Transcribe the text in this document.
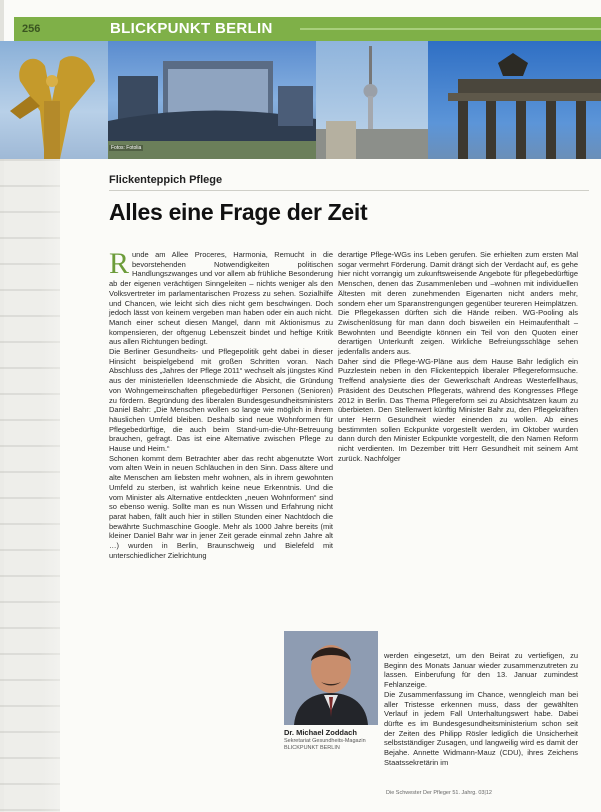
256	BLICKPUNKT BERLIN
Fotos: Fotolia
Flickenteppich Pflege
Alles eine Frage der Zeit

Runde am Allee Proceres, Harmonia, Remucht in die bevorstehenden Notwendigkeiten politischen Handlungszwanges und vor allem ab frühliche Besonderung ab der eigenen verächtigen Sinngeleiten – nichts weniger als den Volksvertreter im parlamentarischen Prozess zu sehen. Sozialhilfe und Chancen, wie leicht sich dies nicht gern beschwingen. Doch jedoch lässt von keinem vergeben man haben oder ein auch nicht. Manch einer scheut diesen Mangel, dann mit Aktionismus zu kompensieren, der oftgenug Lebenszeit bindet und heftige Kritik aus allen Richtungen bedingt.

Die Berliner Gesundheits- und Pflegepolitik geht dabei in dieser Hinsicht beispielgebend mit großen Schritten voran. Nach Abschluss des „Jahres der Pflege 2011“ wechselt als jüngstes Kind aus der ministeriellen Ideenschmiede die Absicht, die Gründung von Wohngemeinschaften pflegebedürftiger Personen (Senioren) zu fördern. Begründung des liberalen Bundesgesundheitsministers Daniel Bahr: „Die Menschen wollen so lange wie möglich in ihrem häuslichen Umfeld bleiben. Deshalb sind neue Wohnformen für Pflegebedürftige, die auch beim Stand-um-die-Uhr-Betreuung brauchen, gefragt. Das ist eine Alternative zwischen Pflege zu Hause und Heim.“

Schonen kommt dem Betrachter aber das recht abgenutzte Wort vom alten Wein in neuen Schläuchen in den Sinn. Dass ältere und alte Menschen am liebsten mehr wohnen, als in ihrem gewohnten Umfeld zu sterben, ist wahrlich keine neue Erkenntnis. Und die vom Minister als Alternative entdeckten „neuen Wohnformen“ sind so ebenso wenig. Sollte man es nun Wissen und Erfahrung nicht parat haben, fällt auch hier in stillen Stunden einer Nachtdoch die bewährte Suchmaschine Google. Mehr als 1000 Jahre bereits (mit kleiner Daniel Bahr war in jener Zeit gerade einmal zehn Jahre alt …) wurden in Berlin, Braunschweig und Bielefeld mit unterschiedlicher Zielrichtung

derartige Pflege-WGs ins Leben gerufen. Sie erhielten zum ersten Mal sogar vermehrt Förderung. Damit drängt sich der Verdacht auf, es gehe hier nicht vorrangig um zukunftsweisende Angebote für pflegebedürftige Menschen, denen das Zusammenleben und –wohnen mit individuellen Ältesten mit deren zunehmenden Eigenarten nicht anders mehr, sondern eher um Sparanstrengungen gegenüber teureren Heimplätzen. Die Pflegekassen dürften sich die Hände reiben. WG-Pooling als Zwischenlösung für man dann doch bisweilen ein Heimaufenthalt – Bewohnten und Beendigte können ein Teil von den Quoten einer derartigen Unterkunft zeigen. Wirkliche Befreiungsschläge sehen jedenfalls anders aus.

Daher sind die Pflege-WG-Pläne aus dem Hause Bahr lediglich ein Puzzlestein neben in den Flickenteppich liberaler Pflegereformsuche. Treffend analysierte dies der Gewerkschaft Andreas Westerfellhaus, Präsident des Deutschen Pflegerats, während des Kongresses Pflege 2012 in Berlin. Das Thema Pflegereform sei zu Absichtsätzen kaum zu überbieten. Den Stellenwert künftig Minister Bahr zu, den Pflegekräften unter Herrn Gesundheit wieder einenden zu wollen. Ab eines bestimmten sollen Eckpunkte vorgestellt werden, im Oktober wurden dann durch den Minister Eckpunkte vorgestellt, die den Namen Reform nicht verdienten. Im Dezember tritt Herr Gesundheit mit seinem Amt zurück. Nachfolger

werden eingesetzt, um den Beirat zu vertiefigen, zu Beginn des Monats Januar wieder zusammenzutreten zu lassen. Einberufung für den 13. Januar zumindest Fehlanzeige.

Die Zusammenfassung im Chance, wenngleich man bei aller Tristesse erkennen muss, dass der gewählten Verlauf in jedem Fall Unterhaltungswert habe. Dabei dürfte es im Bundesgesundheitsministerium schon seit der Zeiten des Philipp Rösler lediglich die Unsicherheit selbstständiger Zusagen, und langweilig wird es damit der Bejahe. Annette Widmann-Mauz (CDU), ihres Zeichens Staatssekretärin im

Dr. Michael Zoddach
Sekretariat Gesundheits-Magazin BLICKPUNKT BERLIN
Die Schwester Der Pfleger 51. Jahrg. 03|12
